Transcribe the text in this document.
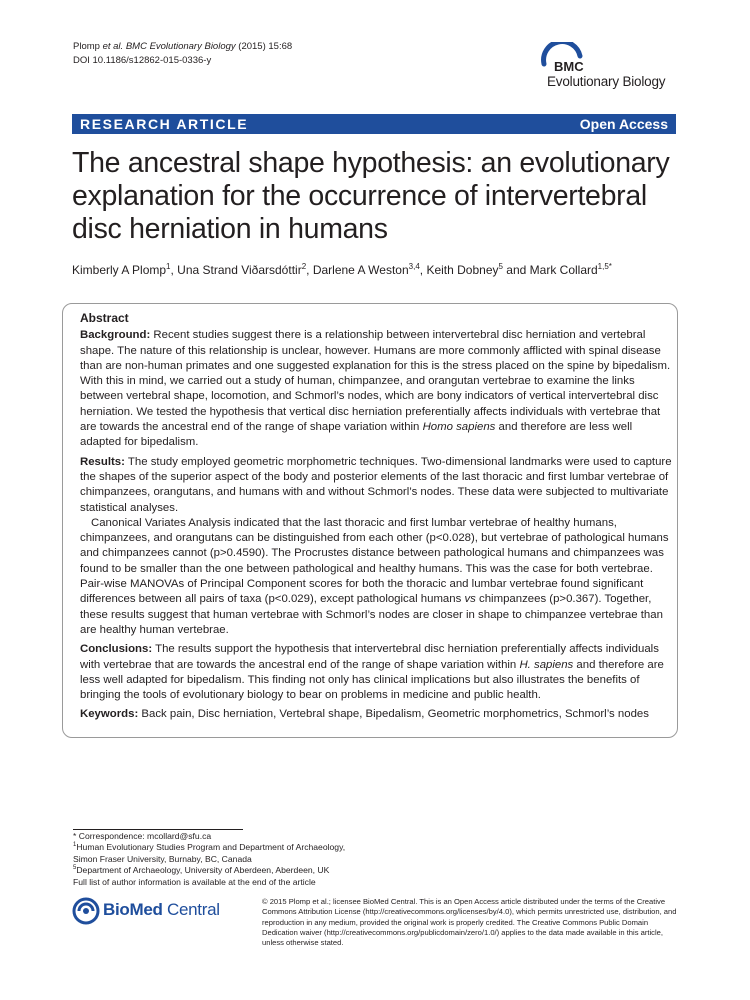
Plomp et al. BMC Evolutionary Biology (2015) 15:68
DOI 10.1186/s12862-015-0336-y	BMC
Evolutionary Biology
RESEARCH ARTICLE	Open Access
The ancestral shape hypothesis: an evolutionary explanation for the occurrence of intervertebral disc herniation in humans
Kimberly A Plomp$^1$, Una Strand Viðarsdóttir$^2$, Darlene A Weston$^{3,4}$, Keith Dobney$^5$ and Mark Collard$^{1,5*}$
Abstract

Background: Recent studies suggest there is a relationship between intervertebral disc herniation and vertebral shape. The nature of this relationship is unclear, however. Humans are more commonly afflicted with spinal disease than are non-human primates and one suggested explanation for this is the stress placed on the spine by bipedalism. With this in mind, we carried out a study of human, chimpanzee, and orangutan vertebrae to examine the links between vertebral shape, locomotion, and Schmorl’s nodes, which are bony indicators of vertical intervertebral disc herniation. We tested the hypothesis that vertical disc herniation preferentially affects individuals with vertebrae that are towards the ancestral end of the range of shape variation within Homo sapiens and therefore are less well adapted for bipedalism.

Results: The study employed geometric morphometric techniques. Two-dimensional landmarks were used to capture the shapes of the superior aspect of the body and posterior elements of the last thoracic and first lumbar vertebrae of chimpanzees, orangutans, and humans with and without Schmorl’s nodes. These data were subjected to multivariate statistical analyses.

Canonical Variates Analysis indicated that the last thoracic and first lumbar vertebrae of healthy humans, chimpanzees, and orangutans can be distinguished from each other (p<0.028), but vertebrae of pathological humans and chimpanzees cannot (p>0.4590). The Procrustes distance between pathological humans and chimpanzees was found to be smaller than the one between pathological and healthy humans. This was the case for both vertebrae. Pair-wise MANOVAs of Principal Component scores for both the thoracic and lumbar vertebrae found significant differences between all pairs of taxa (p<0.029), except pathological humans vs chimpanzees (p>0.367). Together, these results suggest that human vertebrae with Schmorl’s nodes are closer in shape to chimpanzee vertebrae than are healthy human vertebrae.

Conclusions: The results support the hypothesis that intervertebral disc herniation preferentially affects individuals with vertebrae that are towards the ancestral end of the range of shape variation within H. sapiens and therefore are less well adapted for bipedalism. This finding not only has clinical implications but also illustrates the benefits of bringing the tools of evolutionary biology to bear on problems in medicine and public health.

Keywords: Back pain, Disc herniation, Vertebral shape, Bipedalism, Geometric morphometrics, Schmorl’s nodes

* Correspondence: mcollard@sfu.ca
$^1$Human Evolutionary Studies Program and Department of Archaeology,
Simon Fraser University, Burnaby, BC, Canada
$^5$Department of Archaeology, University of Aberdeen, Aberdeen, UK
Full list of author information is available at the end of the article
BioMed Central	© 2015 Plomp et al.; licensee BioMed Central. This is an Open Access article distributed under the terms of the Creative Commons Attribution License (http://creativecommons.org/licenses/by/4.0), which permits unrestricted use, distribution, and reproduction in any medium, provided the original work is properly credited. The Creative Commons Public Domain Dedication waiver (http://creativecommons.org/publicdomain/zero/1.0/) applies to the data made available in this article, unless otherwise stated.
